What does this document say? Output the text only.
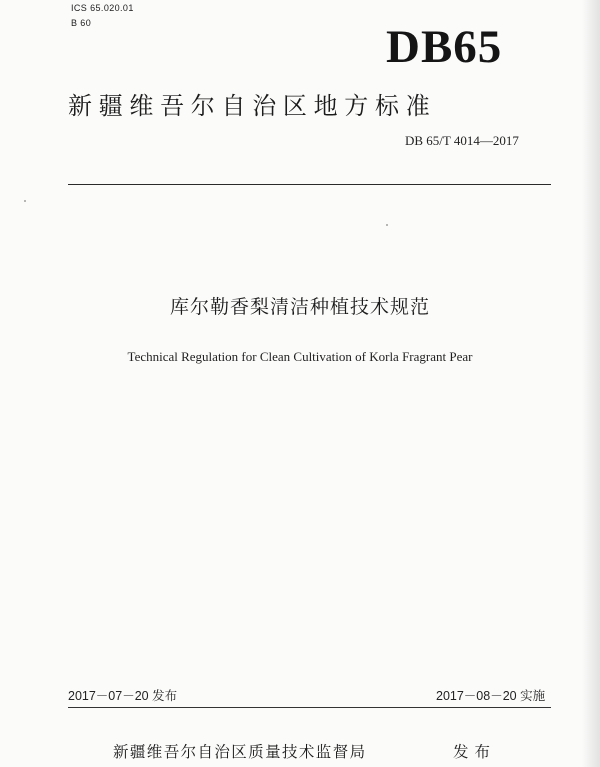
ICS 65.020.01
B 60	DB65
新疆维吾尔自治区地方标准
DB 65/T 4014—2017
库尔勒香梨清洁种植技术规范
Technical Regulation for Clean Cultivation of Korla Fragrant Pear
2017－07－20 发布	2017－08－20 实施
新疆维吾尔自治区质量技术监督局	发布
